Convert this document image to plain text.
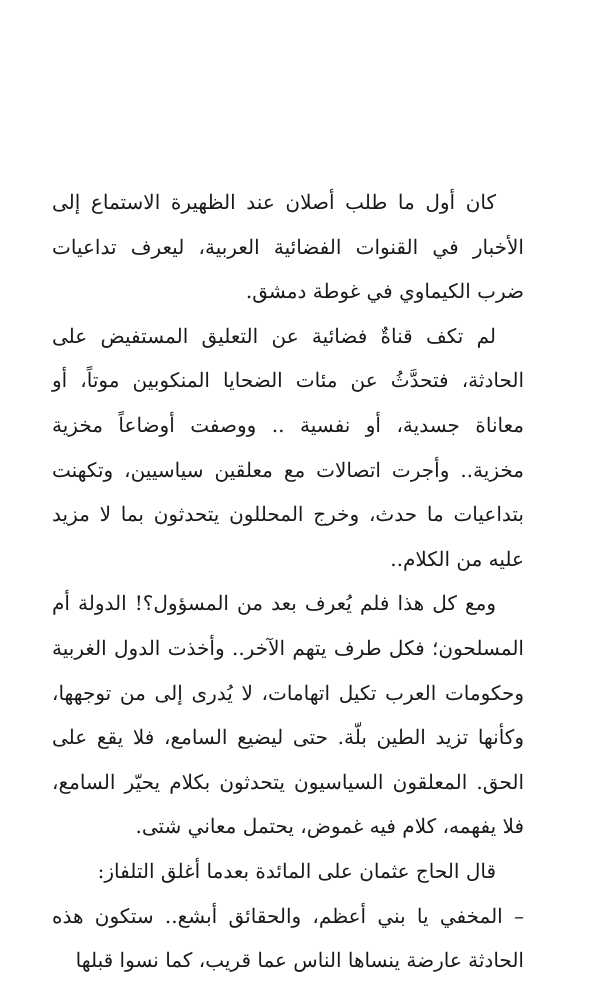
كان أول ما طلب أصلان عند الظهيرة الاستماع إلى الأخبار في القنوات الفضائية العربية، ليعرف تداعيات ضرب الكيماوي في غوطة دمشق.

لم تكف قناةٌ فضائية عن التعليق المستفيض على الحادثة، فتحدَّثُ عن مئات الضحايا المنكوبين موتاً، أو معاناة جسدية، أو نفسية .. ووصفت أوضاعاً مخزية مخزية.. وأجرت اتصالات مع معلقين سياسيين، وتكهنت بتداعيات ما حدث، وخرج المحللون يتحدثون بما لا مزيد عليه من الكلام..

ومع كل هذا فلم يُعرف بعد من المسؤول؟! الدولة أم المسلحون؛ فكل طرف يتهم الآخر.. وأخذت الدول الغربية وحكومات العرب تكيل اتهامات، لا يُدرى إلى من توجهها، وكأنها تزيد الطين بلّة. حتى ليضيع السامع، فلا يقع على الحق. المعلقون السياسيون يتحدثون بكلام يحيّر السامع، فلا يفهمه، كلام فيه غموض، يحتمل معاني شتى.

قال الحاج عثمان على المائدة بعدما أغلق التلفاز:

– المخفي يا بني أعظم، والحقائق أبشع.. ستكون هذه الحادثة عارضة ينساها الناس عما قريب، كما نسوا قبلها
